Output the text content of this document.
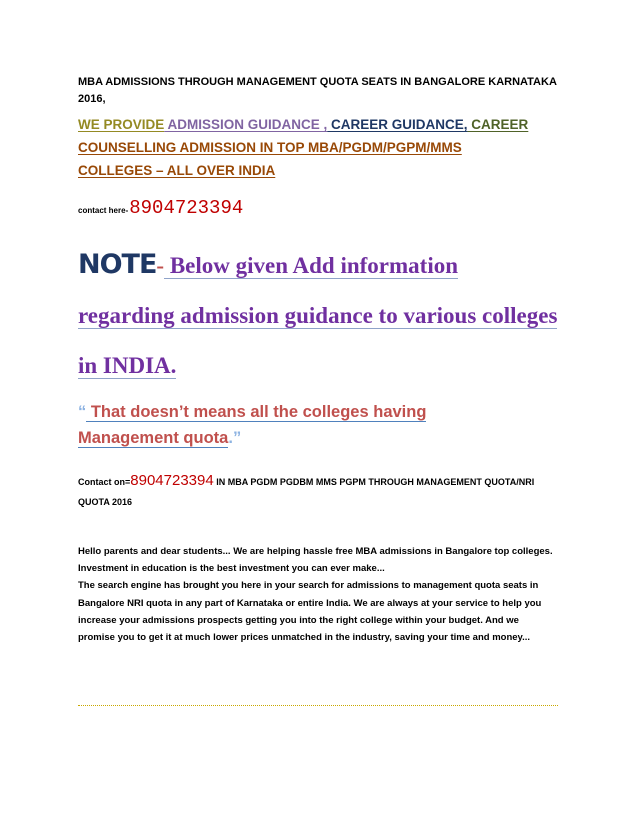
MBA ADMISSIONS THROUGH MANAGEMENT QUOTA SEATS IN BANGALORE KARNATAKA
2016,
WE PROVIDE ADMISSION GUIDANCE , CAREER GUIDANCE, CAREER
COUNSELLING ADMISSION IN TOP MBA/PGDM/PGPM/MMS
COLLEGES – ALL OVER INDIA
contact here- 8904723394
NOTE- Below given Add information regarding admission guidance to various colleges in INDIA.
“ That doesn’t means all the colleges having Management quota.”
Contact on=8904723394 IN MBA PGDM PGDBM MMS PGPM THROUGH MANAGEMENT QUOTA/NRI QUOTA 2016

Hello parents and dear students... We are helping hassle free MBA admissions in Bangalore top colleges.

Investment in education is the best investment you can ever make...

The search engine has brought you here in your search for admissions to management quota seats in Bangalore NRI quota in any part of Karnataka or entire India. We are always at your service to help you increase your admissions prospects getting you into the right college within your budget. And we promise you to get it at much lower prices unmatched in the industry, saving your time and money...
